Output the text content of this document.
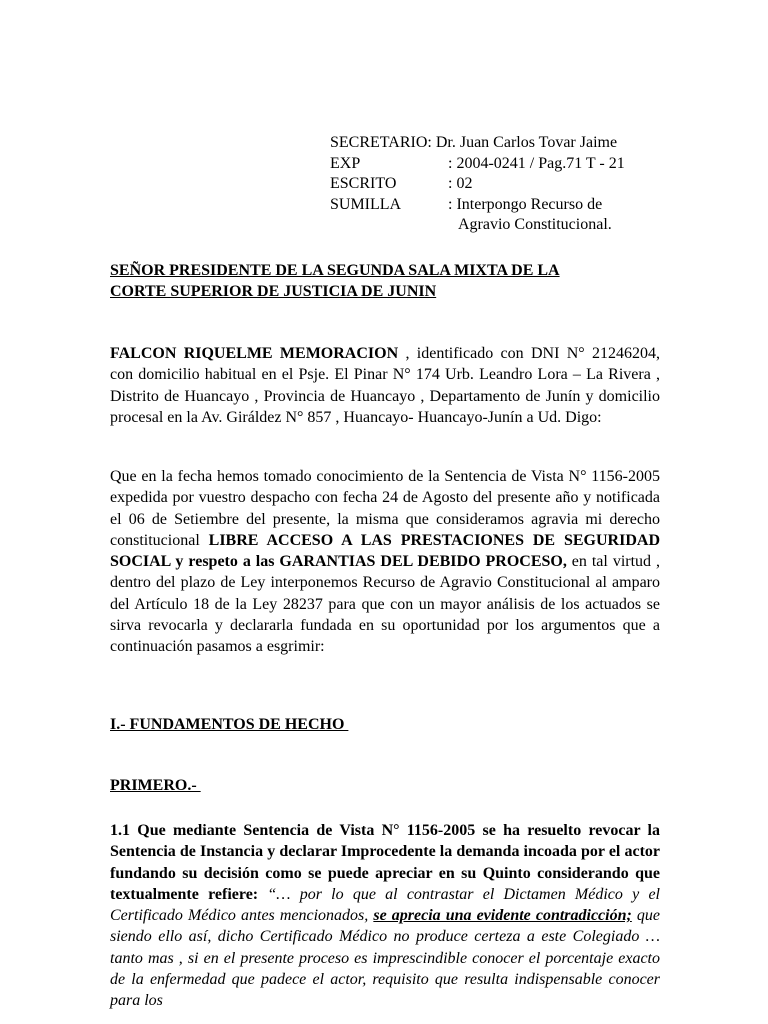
SECRETARIO:
Dr. Juan Carlos Tovar Jaime
EXP	: 2004-0241 / Pag.71 T - 21
ESCRITO	: 02
SUMILLA	: Interpongo Recurso de
Agravio Constitucional.
SEÑOR PRESIDENTE DE LA SEGUNDA SALA MIXTA DE LA
CORTE SUPERIOR DE JUSTICIA DE JUNIN
FALCON RIQUELME MEMORACION , identificado con DNI N° 21246204, con domicilio habitual en el Psje. El Pinar N° 174 Urb. Leandro Lora – La Rivera , Distrito de Huancayo , Provincia de Huancayo , Departamento de Junín y domicilio procesal en la Av. Giráldez N° 857 , Huancayo- Huancayo-Junín a Ud. Digo:
Que en la fecha hemos tomado conocimiento de la Sentencia de Vista N° 1156-2005 expedida por vuestro despacho con fecha 24 de Agosto del presente año y notificada el 06 de Setiembre del presente, la misma que consideramos agravia mi derecho constitucional LIBRE ACCESO A LAS PRESTACIONES DE SEGURIDAD SOCIAL y respeto a las GARANTIAS DEL DEBIDO PROCESO, en tal virtud , dentro del plazo de Ley interponemos Recurso de Agravio Constitucional al amparo del Artículo 18 de la Ley 28237 para que con un mayor análisis de los actuados se sirva revocarla y declararla fundada en su oportunidad por los argumentos que a continuación pasamos a esgrimir:
I.- FUNDAMENTOS DE HECHO
PRIMERO.-
1.1 Que mediante Sentencia de Vista N° 1156-2005 se ha resuelto revocar la Sentencia de Instancia y declarar Improcedente la demanda incoada por el actor fundando su decisión como se puede apreciar en su Quinto considerando que textualmente refiere: “… por lo que al contrastar el Dictamen Médico y el Certificado Médico antes mencionados, se aprecia una evidente contradicción; que siendo ello así, dicho Certificado Médico no produce certeza a este Colegiado … tanto mas , si en el presente proceso es imprescindible conocer el porcentaje exacto de la enfermedad que padece el actor, requisito que resulta indispensable conocer para los
